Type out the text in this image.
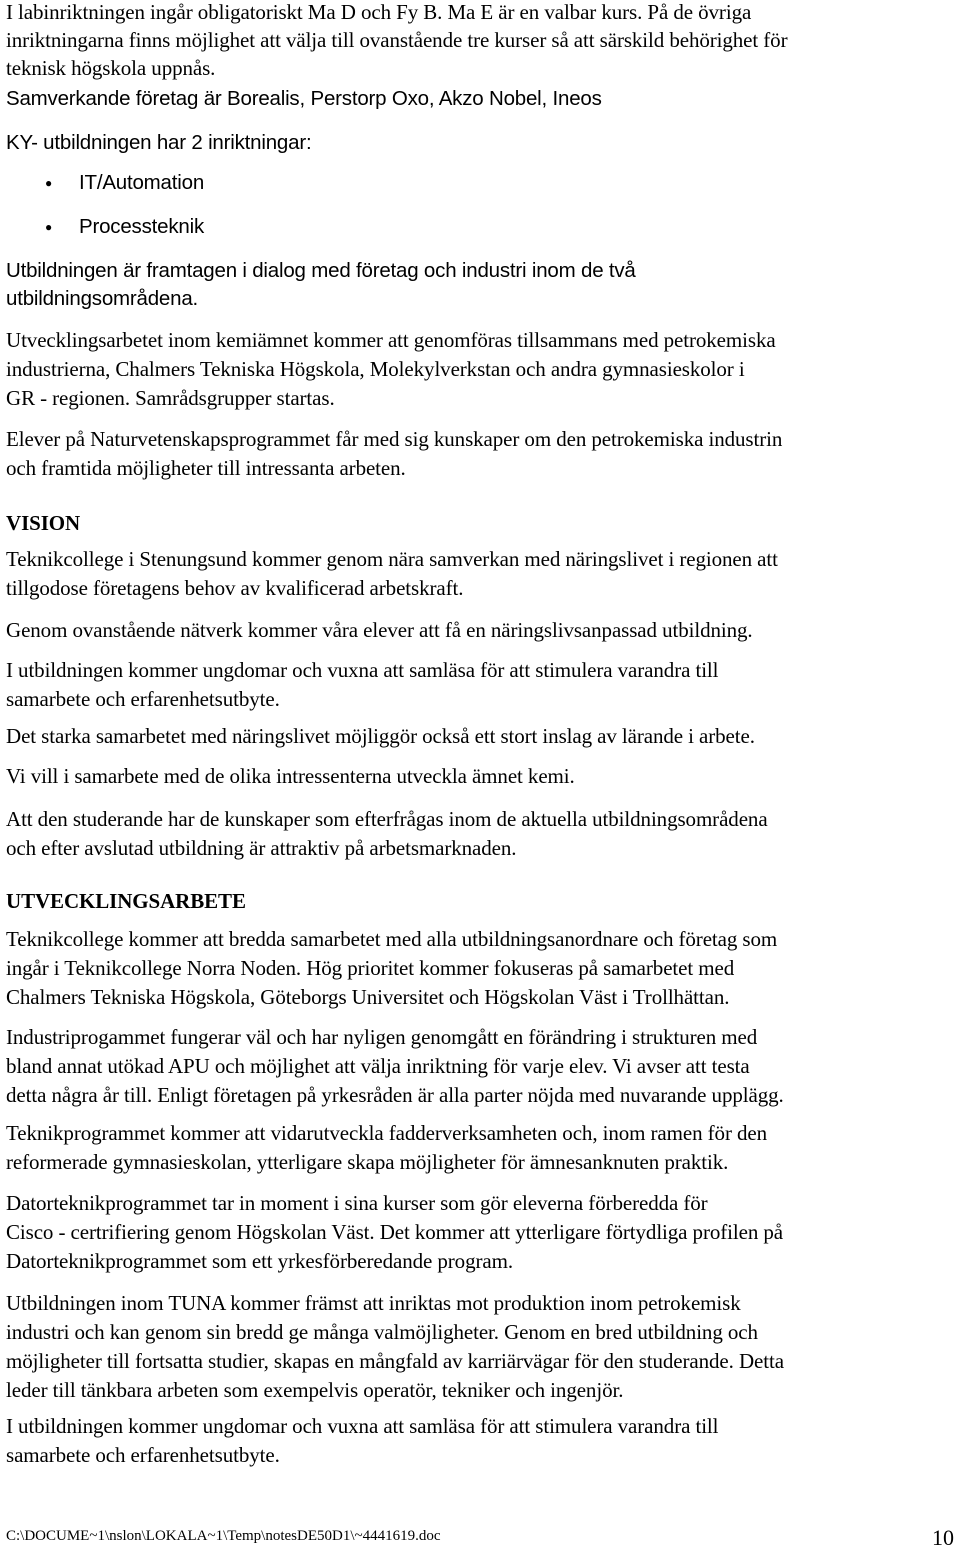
I labinriktningen ingår obligatoriskt Ma D och Fy B. Ma E är en valbar kurs. På de övriga

inriktningarna finns möjlighet att välja till ovanstående tre kurser så att särskild behörighet för

teknisk högskola uppnås.

Samverkande företag är Borealis, Perstorp Oxo, Akzo Nobel, Ineos

KY- utbildningen har 2 inriktningar:

● IT/Automation

● Processteknik

Utbildningen är framtagen i dialog med företag och industri inom de två

utbildningsområdena.

Utvecklingsarbetet inom kemiämnet kommer att genomföras tillsammans med petrokemiska

industrierna, Chalmers Tekniska Högskola, Molekylverkstan och andra gymnasieskolor i

GR - regionen. Samrådsgrupper startas.

Elever på Naturvetenskapsprogrammet får med sig kunskaper om den petrokemiska industrin

och framtida möjligheter till intressanta arbeten.

VISION

Teknikcollege i Stenungsund kommer genom nära samverkan med näringslivet i regionen att

tillgodose företagens behov av kvalificerad arbetskraft.

Genom ovanstående nätverk kommer våra elever att få en näringslivsanpassad utbildning.

I utbildningen kommer ungdomar och vuxna att samläsa för att stimulera varandra till

samarbete och erfarenhetsutbyte.

Det starka samarbetet med näringslivet möjliggör också ett stort inslag av lärande i arbete.

Vi vill i samarbete med de olika intressenterna utveckla ämnet kemi.

Att den studerande har de kunskaper som efterfrågas inom de aktuella utbildningsområdena

och efter avslutad utbildning är attraktiv på arbetsmarknaden.

UTVECKLINGSARBETE

Teknikcollege kommer att bredda samarbetet med alla utbildningsanordnare och företag som

ingår i Teknikcollege Norra Noden. Hög prioritet kommer fokuseras på samarbetet med

Chalmers Tekniska Högskola, Göteborgs Universitet och Högskolan Väst i Trollhättan.

Industriprogammet fungerar väl och har nyligen genomgått en förändring i strukturen med

bland annat utökad APU och möjlighet att välja inriktning för varje elev. Vi avser att testa

detta några år till. Enligt företagen på yrkesråden är alla parter nöjda med nuvarande upplägg.

Teknikprogrammet kommer att vidarutveckla fadderverksamheten och, inom ramen för den

reformerade gymnasieskolan, ytterligare skapa möjligheter för ämnesanknuten praktik.

Datorteknikprogrammet tar in moment i sina kurser som gör eleverna förberedda för

Cisco - certrifiering genom Högskolan Väst. Det kommer att ytterligare förtydliga profilen på

Datorteknikprogrammet som ett yrkesförberedande program.

Utbildningen inom TUNA kommer främst att inriktas mot produktion inom petrokemisk

industri och kan genom sin bredd ge många valmöjligheter. Genom en bred utbildning och

möjligheter till fortsatta studier, skapas en mångfald av karriärvägar för den studerande. Detta

leder till tänkbara arbeten som exempelvis operatör, tekniker och ingenjör.

I utbildningen kommer ungdomar och vuxna att samläsa för att stimulera varandra till

samarbete och erfarenhetsutbyte.

C:\DOCUME~1\nslon\LOKALA~1\Temp\notesDE50D1\~4441619.doc	10
